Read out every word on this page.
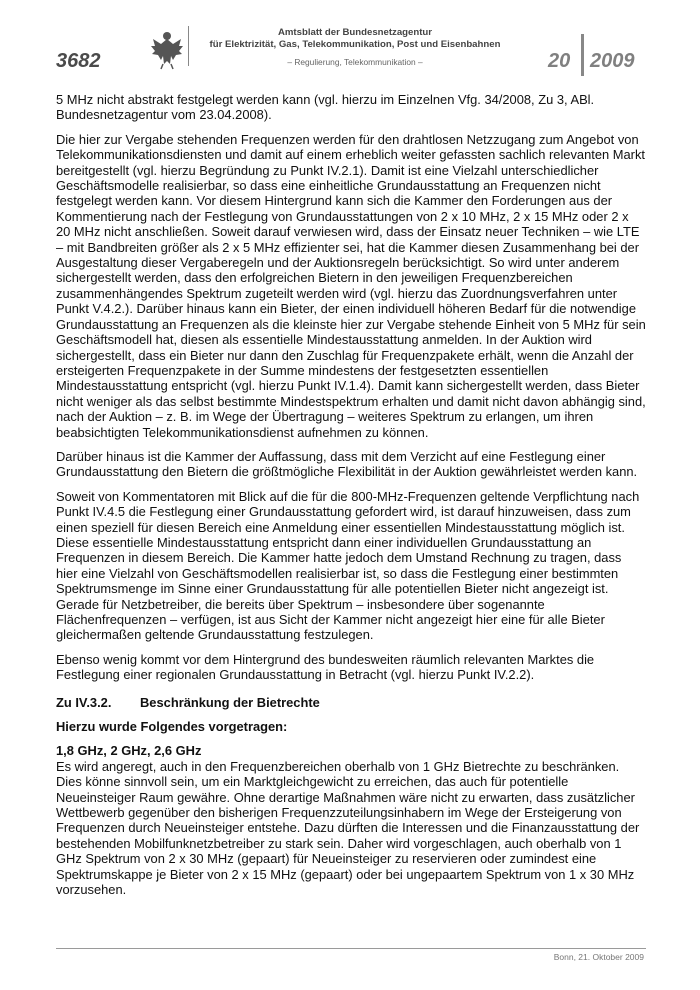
3682
Amtsblatt der Bundesnetzagentur
für Elektrizität, Gas, Telekommunikation, Post und Eisenbahnen
– Regulierung, Telekommunikation –	20 2009

5 MHz nicht abstrakt festgelegt werden kann (vgl. hierzu im Einzelnen Vfg. 34/2008, Zu 3, ABl. Bundesnetzagentur vom 23.04.2008).

Die hier zur Vergabe stehenden Frequenzen werden für den drahtlosen Netzzugang zum Angebot von Telekommunikationsdiensten und damit auf einem erheblich weiter gefassten sachlich relevanten Markt bereitgestellt (vgl. hierzu Begründung zu Punkt IV.2.1). Damit ist eine Vielzahl unterschiedlicher Geschäftsmodelle realisierbar, so dass eine einheitliche Grundausstattung an Frequenzen nicht festgelegt werden kann. Vor diesem Hintergrund kann sich die Kammer den Forderungen aus der Kommentierung nach der Festlegung von Grundausstattungen von 2 x 10 MHz, 2 x 15 MHz oder 2 x 20 MHz nicht anschließen. Soweit darauf verwiesen wird, dass der Einsatz neuer Techniken – wie LTE – mit Bandbreiten größer als 2 x 5 MHz effizienter sei, hat die Kammer diesen Zusammenhang bei der Ausgestaltung dieser Vergaberegeln und der Auktionsregeln berücksichtigt. So wird unter anderem sichergestellt werden, dass den erfolgreichen Bietern in den jeweiligen Frequenzbereichen zusammenhängendes Spektrum zugeteilt werden wird (vgl. hierzu das Zuordnungsverfahren unter Punkt V.4.2.). Darüber hinaus kann ein Bieter, der einen individuell höheren Bedarf für die notwendige Grundausstattung an Frequenzen als die kleinste hier zur Vergabe stehende Einheit von 5 MHz für sein Geschäftsmodell hat, diesen als essentielle Mindestausstattung anmelden. In der Auktion wird sichergestellt, dass ein Bieter nur dann den Zuschlag für Frequenzpakete erhält, wenn die Anzahl der ersteigerten Frequenzpakete in der Summe mindestens der festgesetzten essentiellen Mindestausstattung entspricht (vgl. hierzu Punkt IV.1.4). Damit kann sichergestellt werden, dass Bieter nicht weniger als das selbst bestimmte Mindestspektrum erhalten und damit nicht davon abhängig sind, nach der Auktion – z. B. im Wege der Übertragung – weiteres Spektrum zu erlangen, um ihren beabsichtigten Telekommunikationsdienst aufnehmen zu können.

Darüber hinaus ist die Kammer der Auffassung, dass mit dem Verzicht auf eine Festlegung einer Grundausstattung den Bietern die größtmögliche Flexibilität in der Auktion gewährleistet werden kann.

Soweit von Kommentatoren mit Blick auf die für die 800-MHz-Frequenzen geltende Verpflichtung nach Punkt IV.4.5 die Festlegung einer Grundausstattung gefordert wird, ist darauf hinzuweisen, dass zum einen speziell für diesen Bereich eine Anmeldung einer essentiellen Mindestausstattung möglich ist. Diese essentielle Mindestausstattung entspricht dann einer individuellen Grundausstattung an Frequenzen in diesem Bereich. Die Kammer hatte jedoch dem Umstand Rechnung zu tragen, dass hier eine Vielzahl von Geschäftsmodellen realisierbar ist, so dass die Festlegung einer bestimmten Spektrumsmenge im Sinne einer Grundausstattung für alle potentiellen Bieter nicht angezeigt ist. Gerade für Netzbetreiber, die bereits über Spektrum – insbesondere über sogenannte Flächenfrequenzen – verfügen, ist aus Sicht der Kammer nicht angezeigt hier eine für alle Bieter gleichermaßen geltende Grundausstattung festzulegen.

Ebenso wenig kommt vor dem Hintergrund des bundesweiten räumlich relevanten Marktes die Festlegung einer regionalen Grundausstattung in Betracht (vgl. hierzu Punkt IV.2.2).

Zu IV.3.2. Beschränkung der Bietrechte
Hierzu wurde Folgendes vorgetragen:
1,8 GHz, 2 GHz, 2,6 GHz

Es wird angeregt, auch in den Frequenzbereichen oberhalb von 1 GHz Bietrechte zu beschränken. Dies könne sinnvoll sein, um ein Marktgleichgewicht zu erreichen, das auch für potentielle Neueinsteiger Raum gewähre. Ohne derartige Maßnahmen wäre nicht zu erwarten, dass zusätzlicher Wettbewerb gegenüber den bisherigen Frequenzzuteilungsinhabern im Wege der Ersteigerung von Frequenzen durch Neueinsteiger entstehe. Dazu dürften die Interessen und die Finanzausstattung der bestehenden Mobilfunknetzbetreiber zu stark sein. Daher wird vorgeschlagen, auch oberhalb von 1 GHz Spektrum von 2 x 30 MHz (gepaart) für Neueinsteiger zu reservieren oder zumindest eine Spektrumskappe je Bieter von 2 x 15 MHz (gepaart) oder bei ungepaartem Spektrum von 1 x 30 MHz vorzusehen.

Bonn, 21. Oktober 2009
